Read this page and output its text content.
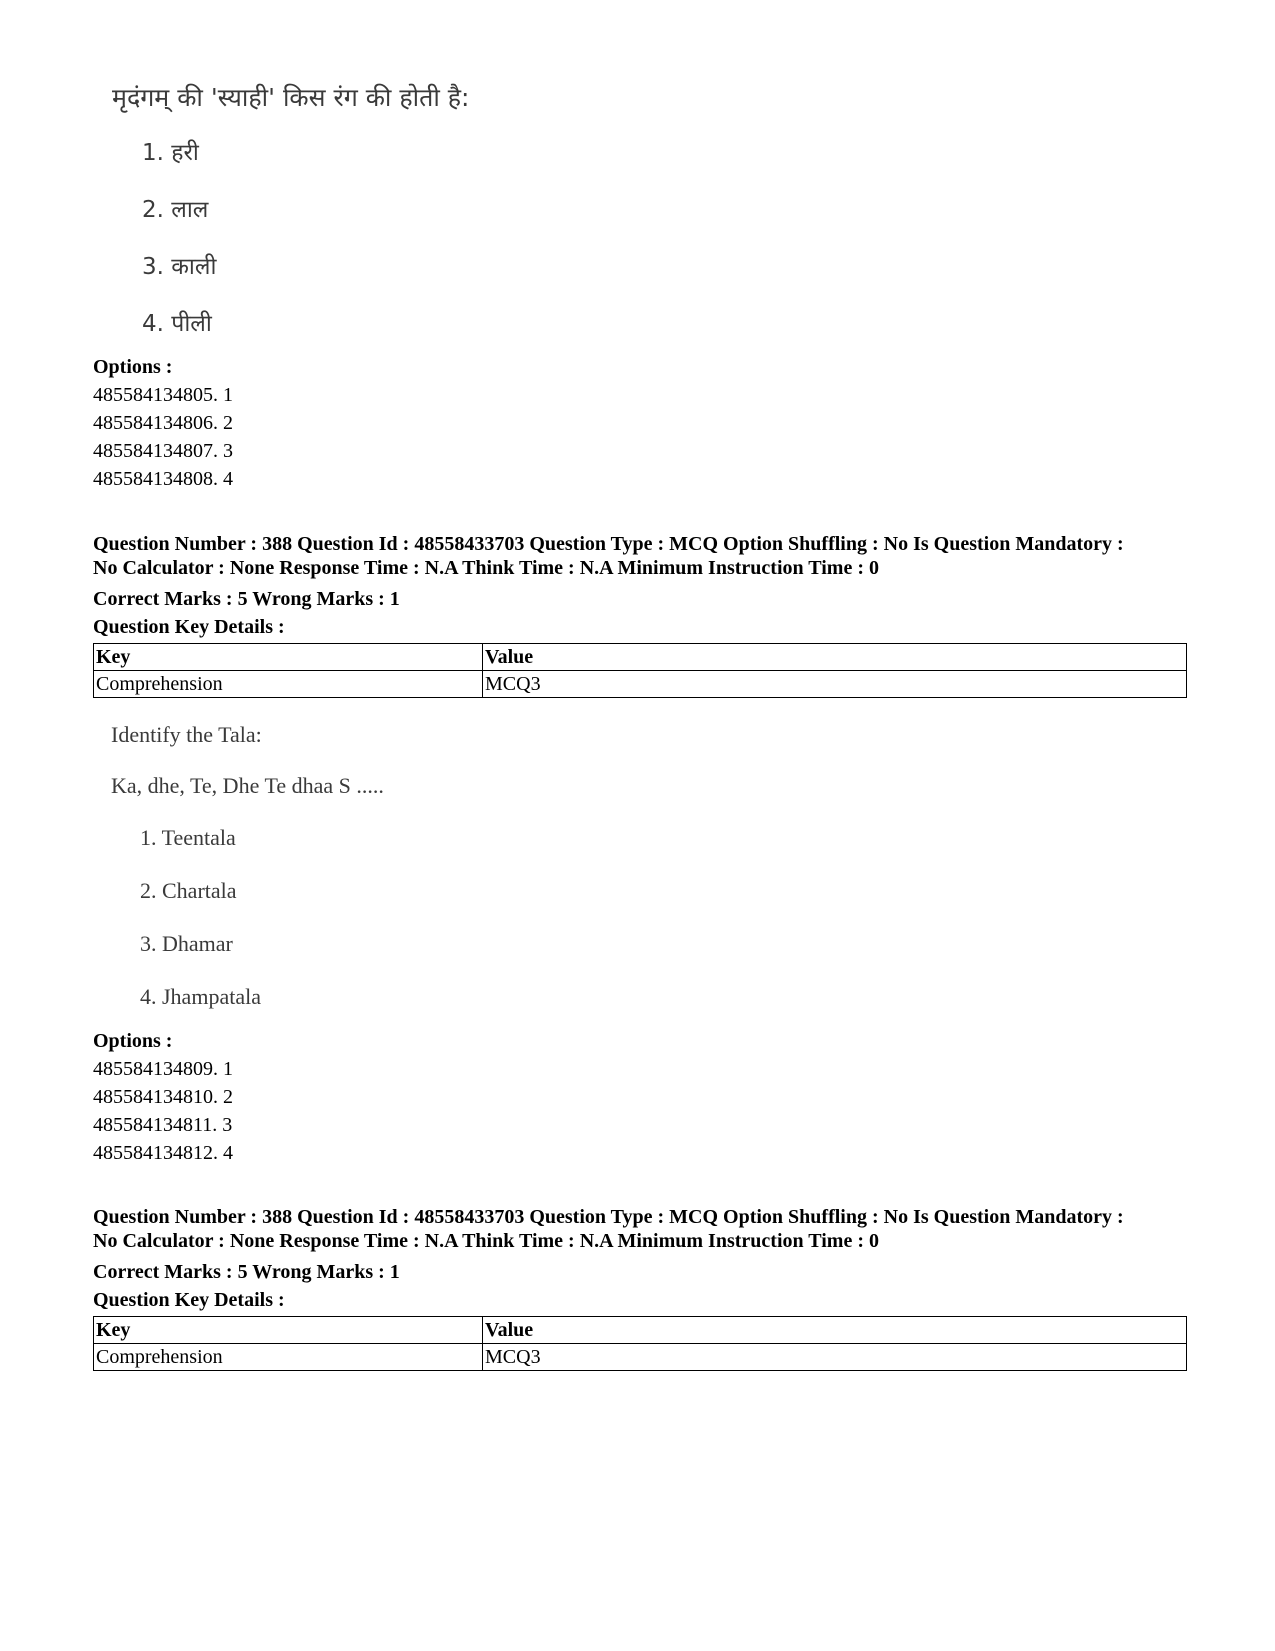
मृदंगम् की 'स्याही' किस रंग की होती है:
1. हरी
2. लाल
3. काली
4. पीली
Options :
485584134805. 1
485584134806. 2
485584134807. 3
485584134808. 4
Question Number : 388 Question Id : 48558433703 Question Type : MCQ Option Shuffling : No Is Question Mandatory :
No Calculator : None Response Time : N.A Think Time : N.A Minimum Instruction Time : 0
Correct Marks : 5 Wrong Marks : 1
Question Key Details :
Key	Value
Comprehension	MCQ3
Identify the Tala:
Ka, dhe, Te, Dhe Te dhaa S .....
1. Teentala
2. Chartala
3. Dhamar
4. Jhampatala
Options :
485584134809. 1
485584134810. 2
485584134811. 3
485584134812. 4
Question Number : 388 Question Id : 48558433703 Question Type : MCQ Option Shuffling : No Is Question Mandatory :
No Calculator : None Response Time : N.A Think Time : N.A Minimum Instruction Time : 0
Correct Marks : 5 Wrong Marks : 1
Question Key Details :
Key	Value
Comprehension	MCQ3
